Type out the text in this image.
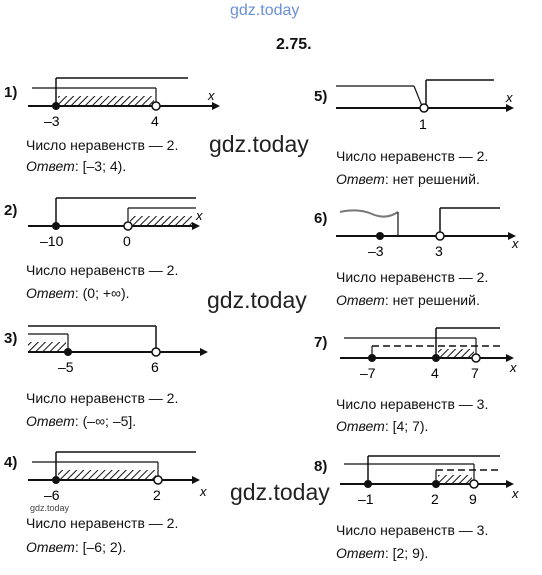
gdz.today
2.75.
1)	x
–3	4
Число неравенств — 2.
Ответ: [–3; 4).
2)	x
–10	0
Число неравенств — 2.
Ответ: (0; +∞).
3)
–5	6
Число неравенств — 2.
Ответ: (–∞; –5].
4)
x
–6	2
gdz.today
Число неравенств — 2.
Ответ: [–6; 2).
5)	x
1
Число неравенств — 2.
Ответ: нет решений.
6)
x
–3	3
Число неравенств — 2.
Ответ: нет решений.
7)
x
–7	4 7
Число неравенств — 3.
Ответ: [4; 7).
8)
x
–1	2 9
Число неравенств — 3.
Ответ: [2; 9).
gdz.today
gdz.today
gdz.today
